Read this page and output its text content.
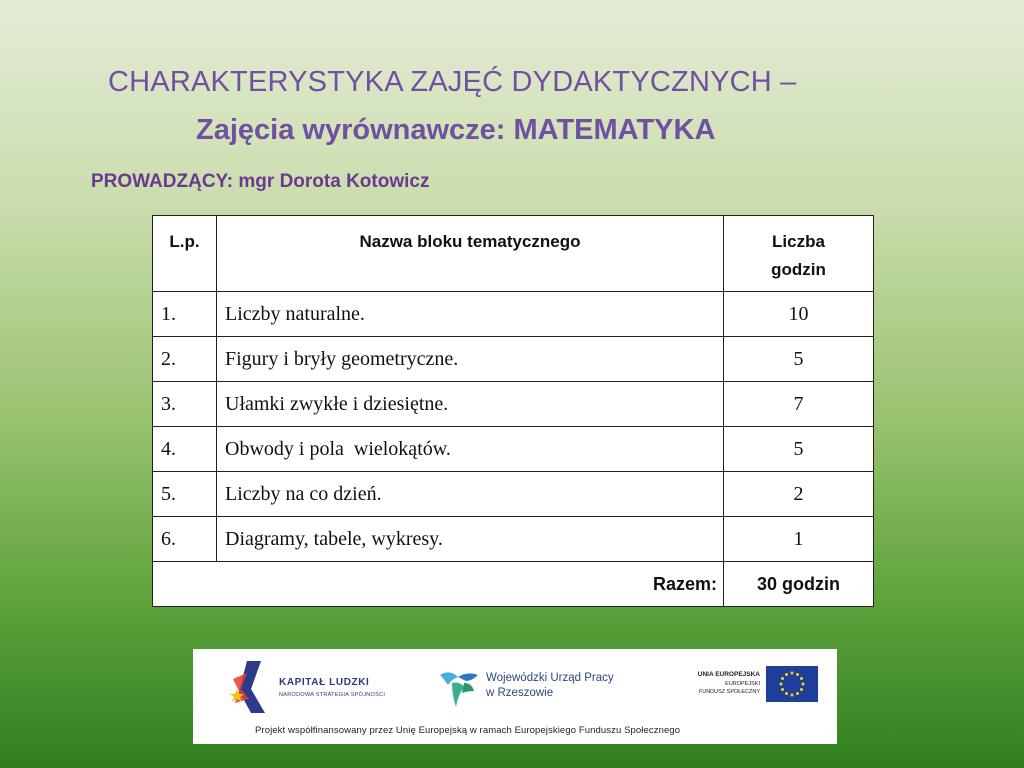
CHARAKTERYSTYKA ZAJĘĆ DYDAKTYCZNYCH –
Zajęcia wyrównawcze: MATEMATYKA
PROWADZĄCY: mgr Dorota Kotowicz
L.p.	Nazwa bloku tematycznego	Liczba
godzin
1.	Liczby naturalne.	10
2.	Figury i bryły geometryczne.	5
3.	Ułamki zwykłe i dziesiętne.	7
4.	Obwody i pola  wielokątów.	5
5.	Liczby na co dzień.	2
6.	Diagramy, tabele, wykresy.	1
Razem:		30 godzin
KAPITAŁ LUDZKI
NARODOWA STRATEGIA SPÓJNOŚCI
Wojewódzki Urząd Pracy
w Rzeszowie
UNIA EUROPEJSKA
EUROPEJSKI
FUNDUSZ SPOŁECZNY
Projekt współfinansowany przez Unię Europejską w ramach Europejskiego Funduszu Społecznego
